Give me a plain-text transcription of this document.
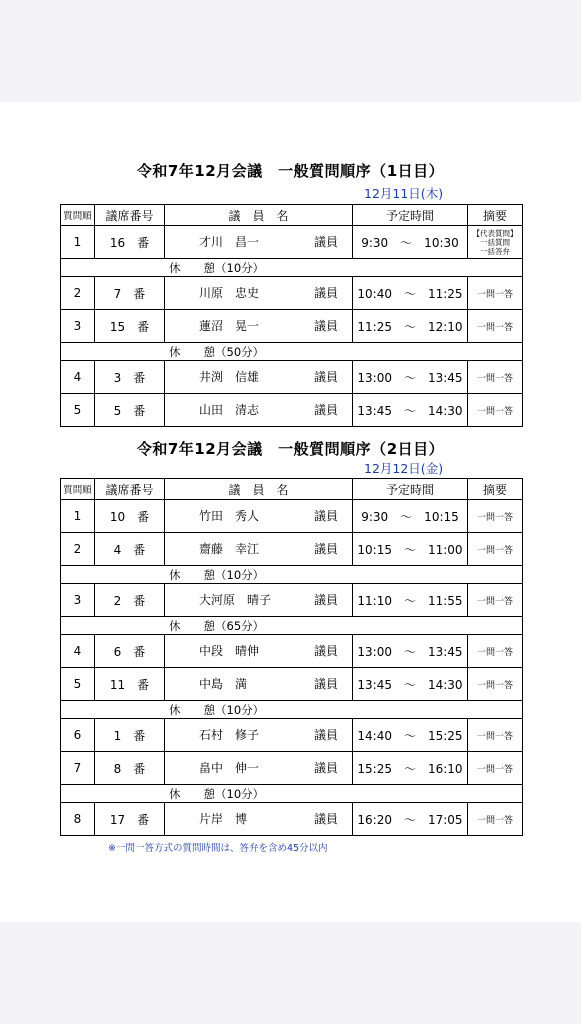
令和7年12月会議　一般質問順序（1日目）
12月11日(木)
質問順	議席番号	議　員　名	予定時間	摘要
1	16　番	才川　昌一 議員	9:30　〜　10:30	【代表質問】
一括質問
一括答弁
休　　憩（10分）				
2	7　番	川原　忠史 議員	10:40　〜　11:25	一問一答
3	15　番	蓮沼　晃一 議員	11:25　〜　12:10	一問一答
休　　憩（50分）				
4	3　番	井渕　信雄 議員	13:00　〜　13:45	一問一答
5	5　番	山田　清志 議員	13:45　〜　14:30	一問一答
令和7年12月会議　一般質問順序（2日目）
12月12日(金)
質問順	議席番号	議　員　名	予定時間	摘要
1	10　番	竹田　秀人 議員	9:30　〜　10:15	一問一答
2	4　番	齋藤　幸江 議員	10:15　〜　11:00	一問一答
休　　憩（10分）				
3	2　番	大河原　晴子 議員	11:10　〜　11:55	一問一答
休　　憩（65分）				
4	6　番	中段　晴伸 議員	13:00　〜　13:45	一問一答
5	11　番	中島　満 議員	13:45　〜　14:30	一問一答
休　　憩（10分）				
6	1　番	石村　修子 議員	14:40　〜　15:25	一問一答
7	8　番	畠中　伸一 議員	15:25　〜　16:10	一問一答
休　　憩（10分）				
8	17　番	片岸　博 議員	16:20　〜　17:05	一問一答
※一問一答方式の質問時間は、答弁を含め45分以内
